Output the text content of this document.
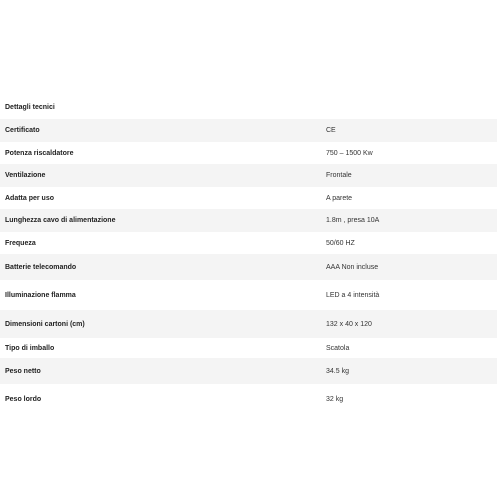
Dettagli tecnici
Certificato	CE
Potenza riscaldatore	750 – 1500 Kw
Ventilazione	Frontale
Adatta per uso	A parete
Lunghezza cavo di alimentazione	1.8m , presa 10A
Frequeza	50/60 HZ
Batterie telecomando	AAA Non incluse
Illuminazione flamma	LED a 4 intensità
Dimensioni cartoni (cm)	132 x 40 x 120
Tipo di imballo	Scatola
Peso netto	34.5 kg
Peso lordo	32 kg
